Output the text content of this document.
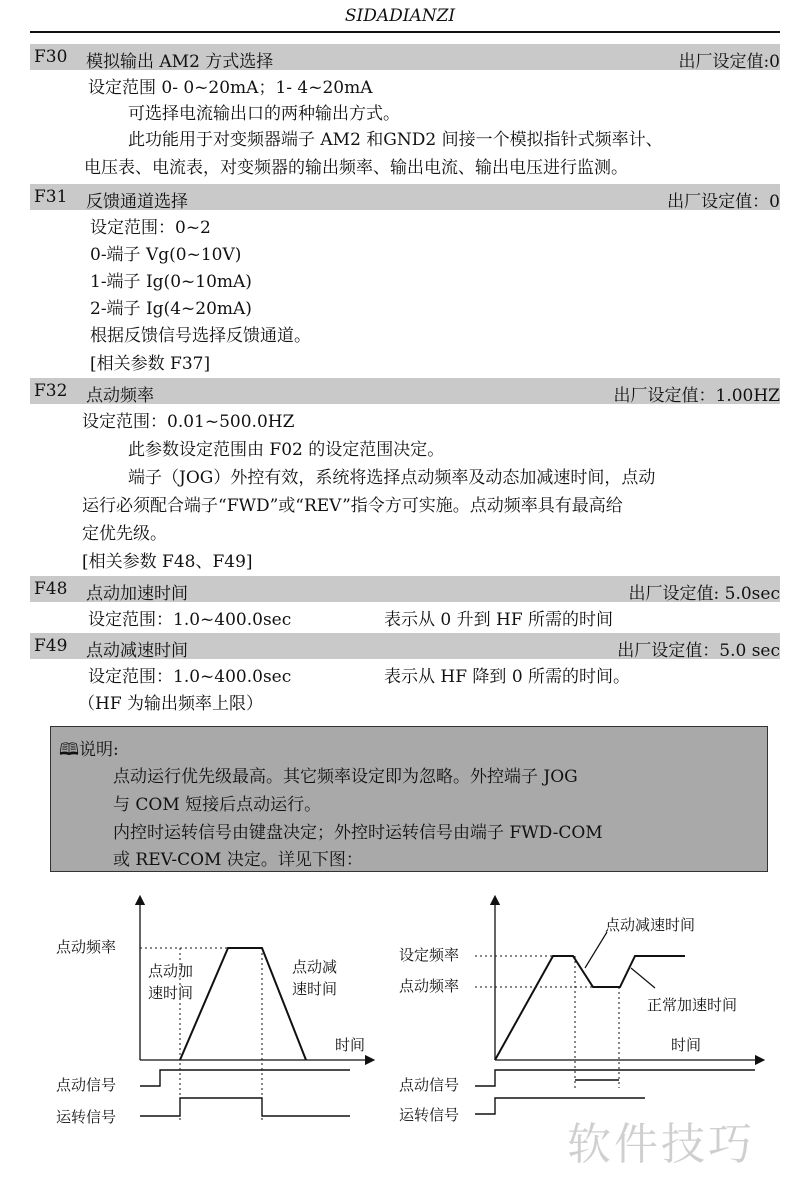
SIDADIANZI
F30 模拟输出 AM2 方式选择	出厂设定值:0
设定范围 0- 0~20mA；1- 4~20mA
可选择电流输出口的两种输出方式。
此功能用于对变频器端子 AM2 和GND2 间接一个模拟指针式频率计、
电压表、电流表，对变频器的输出频率、输出电流、输出电压进行监测。
F31 反馈通道选择	出厂设定值：0
设定范围：0~2
0-端子 Vg(0~10V)
1-端子 Ig(0~10mA)
2-端子 Ig(4~20mA)
根据反馈信号选择反馈通道。
[相关参数 F37]
F32 点动频率	出厂设定值：1.00HZ
设定范围：0.01~500.0HZ
此参数设定范围由 F02 的设定范围决定。
端子（JOG）外控有效，系统将选择点动频率及动态加减速时间，点动
运行必须配合端子“FWD”或“REV”指令方可实施。点动频率具有最高给
定优先级。
[相关参数 F48、F49]
F48 点动加速时间	出厂设定值: 5.0sec
设定范围：1.0~400.0sec	表示从 0 升到 HF 所需的时间
F49 点动减速时间	出厂设定值：5.0 sec
设定范围：1.0~400.0sec	表示从 HF 降到 0 所需的时间。
（HF 为输出频率上限）
🕮说明:
点动运行优先级最高。其它频率设定即为忽略。外控端子 JOG
与 COM 短接后点动运行。
内控时运转信号由键盘决定；外控时运转信号由端子 FWD-COM
或 REV-COM 决定。详见下图：
点动频率
点动加
速时间
点动减
速时间
时间
点动信号
运转信号
设定频率
点动频率
点动减速时间
正常加速时间
时间
点动信号
运转信号
软件技巧
